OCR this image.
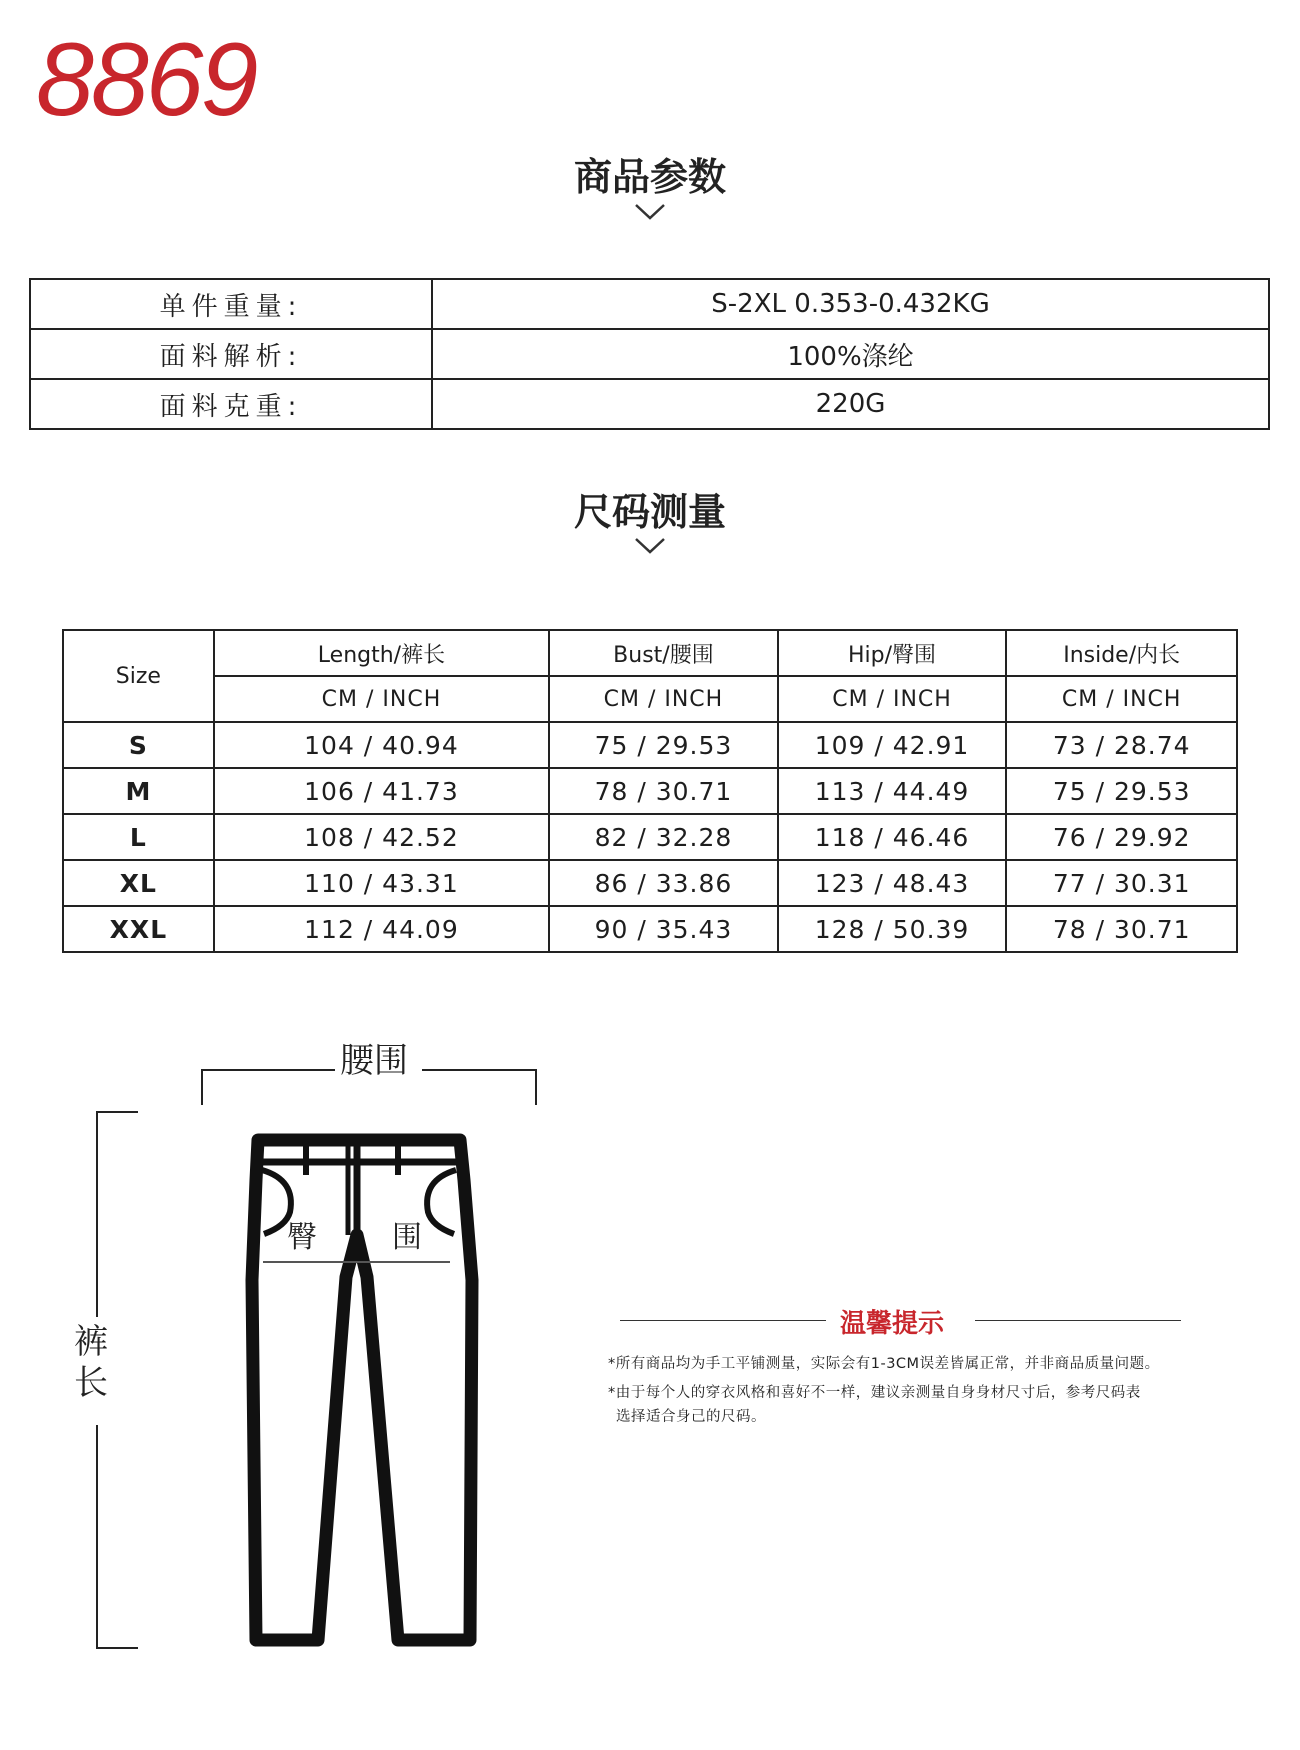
8869
商品参数
单件重量:	S-2XL 0.353-0.432KG
面料解析:	100%涤纶
面料克重:	220G
尺码测量
Size	Length/裤长	Bust/腰围	Hip/臀围	Inside/内长
	CM / INCH	CM / INCH	CM / INCH	CM / INCH
S	104 / 40.94	75 / 29.53	109 / 42.91	73 / 28.74
M	106 / 41.73	78 / 30.71	113 / 44.49	75 / 29.53
L	108 / 42.52	82 / 32.28	118 / 46.46	76 / 29.92
XL	110 / 43.31	86 / 33.86	123 / 48.43	77 / 30.31
XXL	112 / 44.09	90 / 35.43	128 / 50.39	78 / 30.71
腰围
臀	围
裤
长
温馨提示
*所有商品均为手工平铺测量，实际会有1-3CM误差皆属正常，并非商品质量问题。
*由于每个人的穿衣风格和喜好不一样，建议亲测量自身身材尺寸后，参考尺码表
选择适合身己的尺码。
